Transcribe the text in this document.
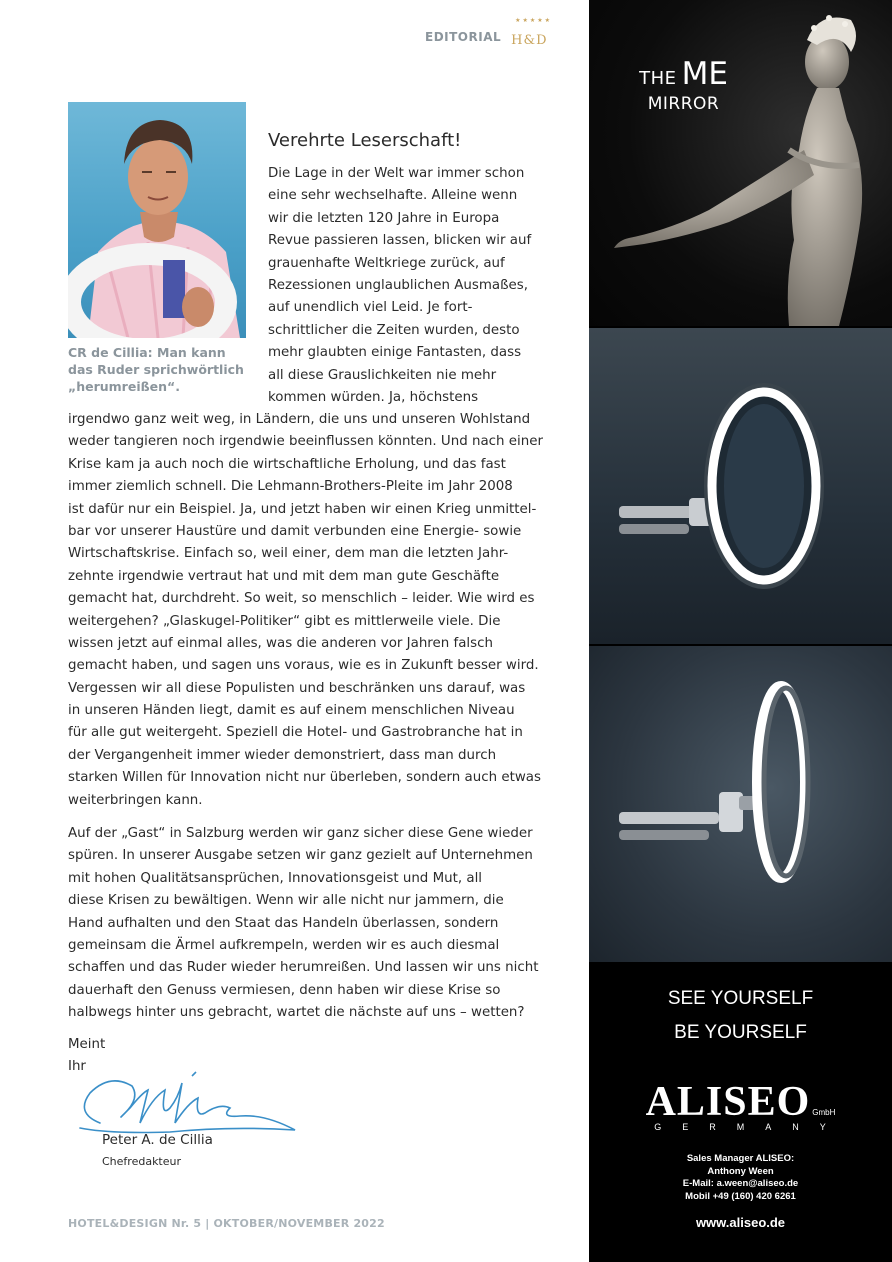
EDITORIAL
★★★★★
H&D

CR de Cillia: Man kann
das Ruder sprichwörtlich
„herumreißen“.

Verehrte Leserschaft!

Die Lage in der Welt war immer schon
eine sehr wechselhafte. Alleine wenn
wir die letzten 120 Jahre in Europa
Revue passieren lassen, blicken wir auf
grauenhafte Weltkriege zurück, auf
Rezessionen unglaublichen Ausmaßes,
auf unendlich viel Leid. Je fort-
schrittlicher die Zeiten wurden, desto
mehr glaubten einige Fantasten, dass
all diese Grauslichkeiten nie mehr
kommen würden. Ja, höchstens

irgendwo ganz weit weg, in Ländern, die uns und unseren Wohlstand
weder tangieren noch irgendwie beeinflussen könnten. Und nach einer
Krise kam ja auch noch die wirtschaftliche Erholung, und das fast
immer ziemlich schnell. Die Lehmann-Brothers-Pleite im Jahr 2008
ist dafür nur ein Beispiel. Ja, und jetzt haben wir einen Krieg unmittel-
bar vor unserer Haustüre und damit verbunden eine Energie- sowie
Wirtschaftskrise. Einfach so, weil einer, dem man die letzten Jahr-
zehnte irgendwie vertraut hat und mit dem man gute Geschäfte
gemacht hat, durchdreht. So weit, so menschlich – leider. Wie wird es
weitergehen? „Glaskugel-Politiker“ gibt es mittlerweile viele. Die
wissen jetzt auf einmal alles, was die anderen vor Jahren falsch
gemacht haben, und sagen uns voraus, wie es in Zukunft besser wird.
Vergessen wir all diese Populisten und beschränken uns darauf, was
in unseren Händen liegt, damit es auf einem menschlichen Niveau
für alle gut weitergeht. Speziell die Hotel- und Gastrobranche hat in
der Vergangenheit immer wieder demonstriert, dass man durch
starken Willen für Innovation nicht nur überleben, sondern auch etwas
weiterbringen kann.

Auf der „Gast“ in Salzburg werden wir ganz sicher diese Gene wieder
spüren. In unserer Ausgabe setzen wir ganz gezielt auf Unternehmen
mit hohen Qualitätsansprüchen, Innovationsgeist und Mut, all
diese Krisen zu bewältigen. Wenn wir alle nicht nur jammern, die
Hand aufhalten und den Staat das Handeln überlassen, sondern
gemeinsam die Ärmel aufkrempeln, werden wir es auch diesmal
schaffen und das Ruder wieder herumreißen. Und lassen wir uns nicht
dauerhaft den Genuss vermiesen, denn haben wir diese Krise so
halbwegs hinter uns gebracht, wartet die nächste auf uns – wetten?

Meint
Ihr
Peter A. de Cillia
Chefredakteur
HOTEL&DESIGN Nr. 5 | OKTOBER/NOVEMBER 2022
THE ME
MIRROR
SEE YOURSELF
BE YOURSELF
ALISEO GmbH
GERMANY
Sales Manager ALISEO:
Anthony Ween
E-Mail: a.ween@aliseo.de
Mobil +49 (160) 420 6261
www.aliseo.de
